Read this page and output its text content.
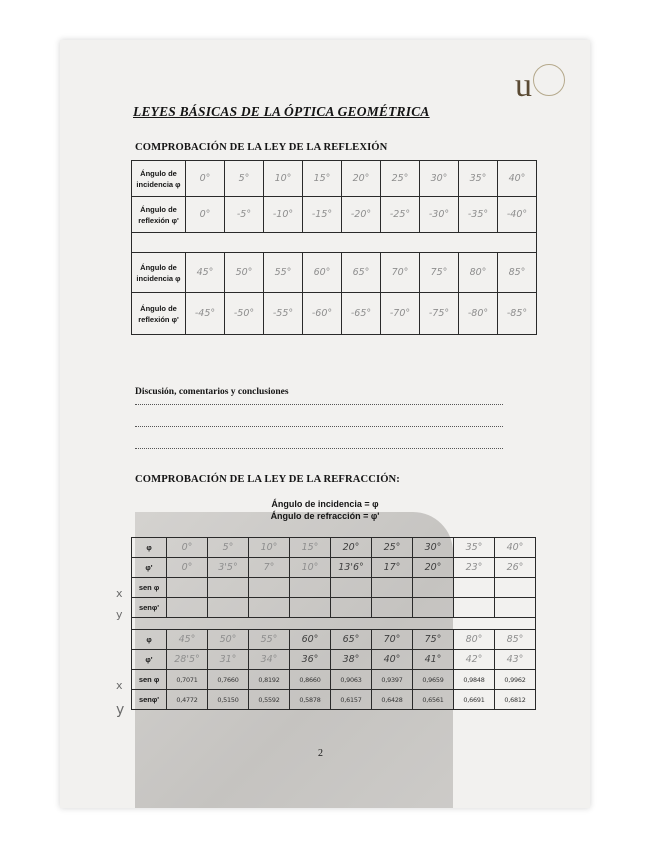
u
LEYES BÁSICAS DE LA ÓPTICA GEOMÉTRICA
COMPROBACIÓN DE LA LEY DE LA REFLEXIÓN
Ángulo de incidencia φ	0°	5°	10°	15°	20°	25°	30°	35°	40°
Ángulo de reflexión φ'	0°	-5°	-10°	-15°	-20°	-25°	-30°	-35°	-40°

Ángulo de incidencia φ	45°	50°	55°	60°	65°	70°	75°	80°	85°
Ángulo de reflexión φ'	-45°	-50°	-55°	-60°	-65°	-70°	-75°	-80°	-85°

Discusión, comentarios y conclusiones

COMPROBACIÓN DE LA LEY DE LA REFRACCIÓN:
Ángulo de incidencia = φ
Ángulo de refracción = φ'
φ	0°	5°	10°	15°	20°	25°	30°	35°	40°
φ'	0°	3'5°	7°	10°	13'6°	17°	20°	23°	26°
sen φ									
senφ'									

φ	45°	50°	55°	60°	65°	70°	75°	80°	85°
φ'	28'5°	31°	34°	36°	38°	40°	41°	42°	43°
sen φ	0,7071	0,7660	0,8192	0,8660	0,9063	0,9397	0,9659	0,9848	0,9962
senφ'	0,4772	0,5150	0,5592	0,5878	0,6157	0,6428	0,6561	0,6691	0,6812
x
y
x
y

2
